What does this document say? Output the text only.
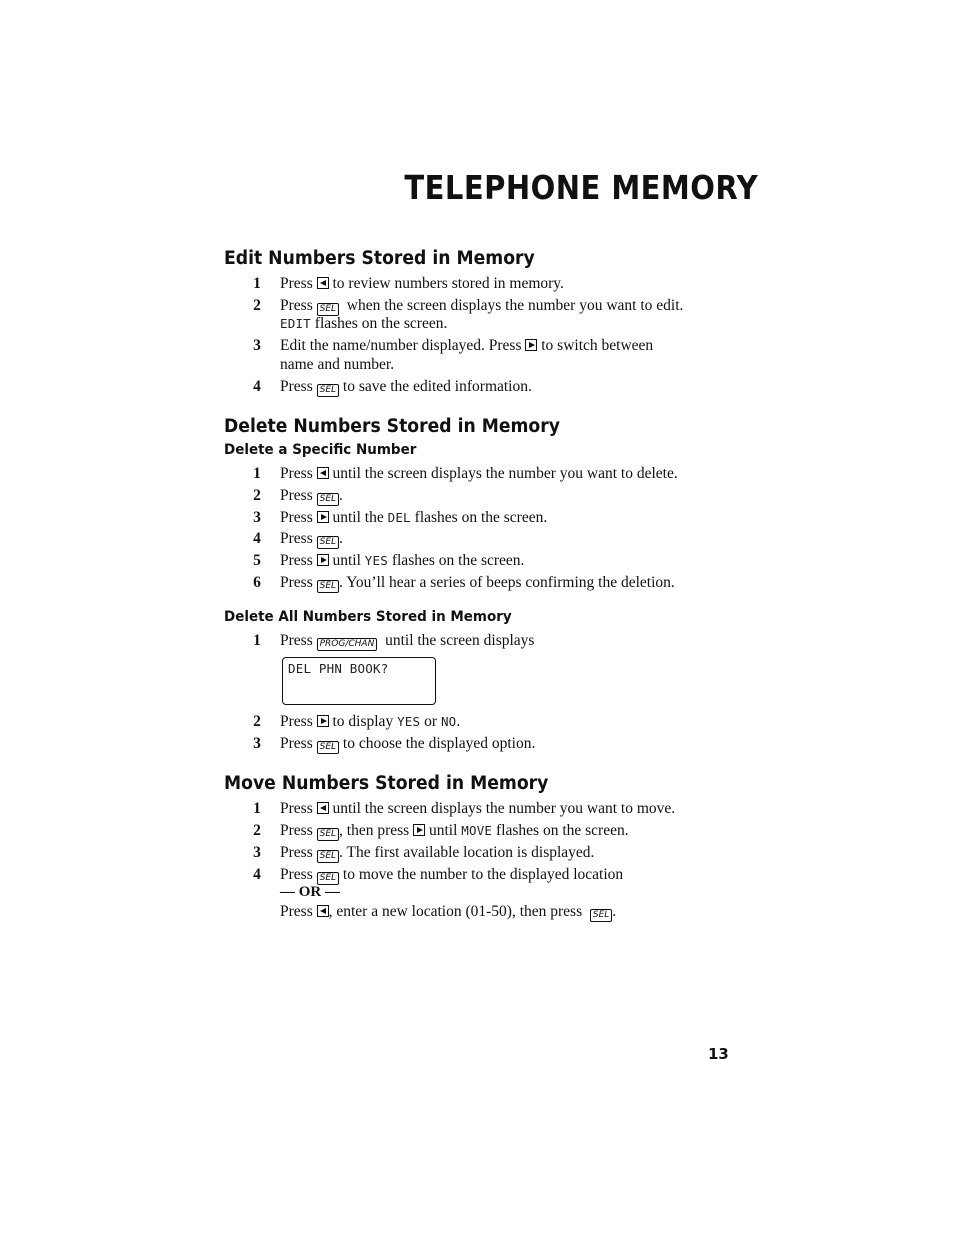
TELEPHONE MEMORY
Edit Numbers Stored in Memory
1 Press to review numbers stored in memory.
2 Press SEL when the screen displays the number you want to edit.
EDIT flashes on the screen.
3 Edit the name/number displayed. Press to switch between
name and number.
4 Press SEL to save the edited information.
Delete Numbers Stored in Memory
Delete a Specific Number
1 Press until the screen displays the number you want to delete.
2 Press SEL .
3 Press until the DEL flashes on the screen.
4 Press SEL .
5 Press until YES flashes on the screen.
6 Press SEL . You’ll hear a series of beeps confirming the deletion.
Delete All Numbers Stored in Memory
1 Press PROG/CHAN until the screen displays
DEL PHN BOOK?
2 Press to display YES or NO.
3 Press SEL to choose the displayed option.
Move Numbers Stored in Memory
1 Press until the screen displays the number you want to move.
2 Press SEL , then press until MOVE flashes on the screen.
3 Press SEL . The first available location is displayed.
4 Press SEL to move the number to the displayed location
— OR —
Press , enter a new location (01-50), then press SEL .
13
